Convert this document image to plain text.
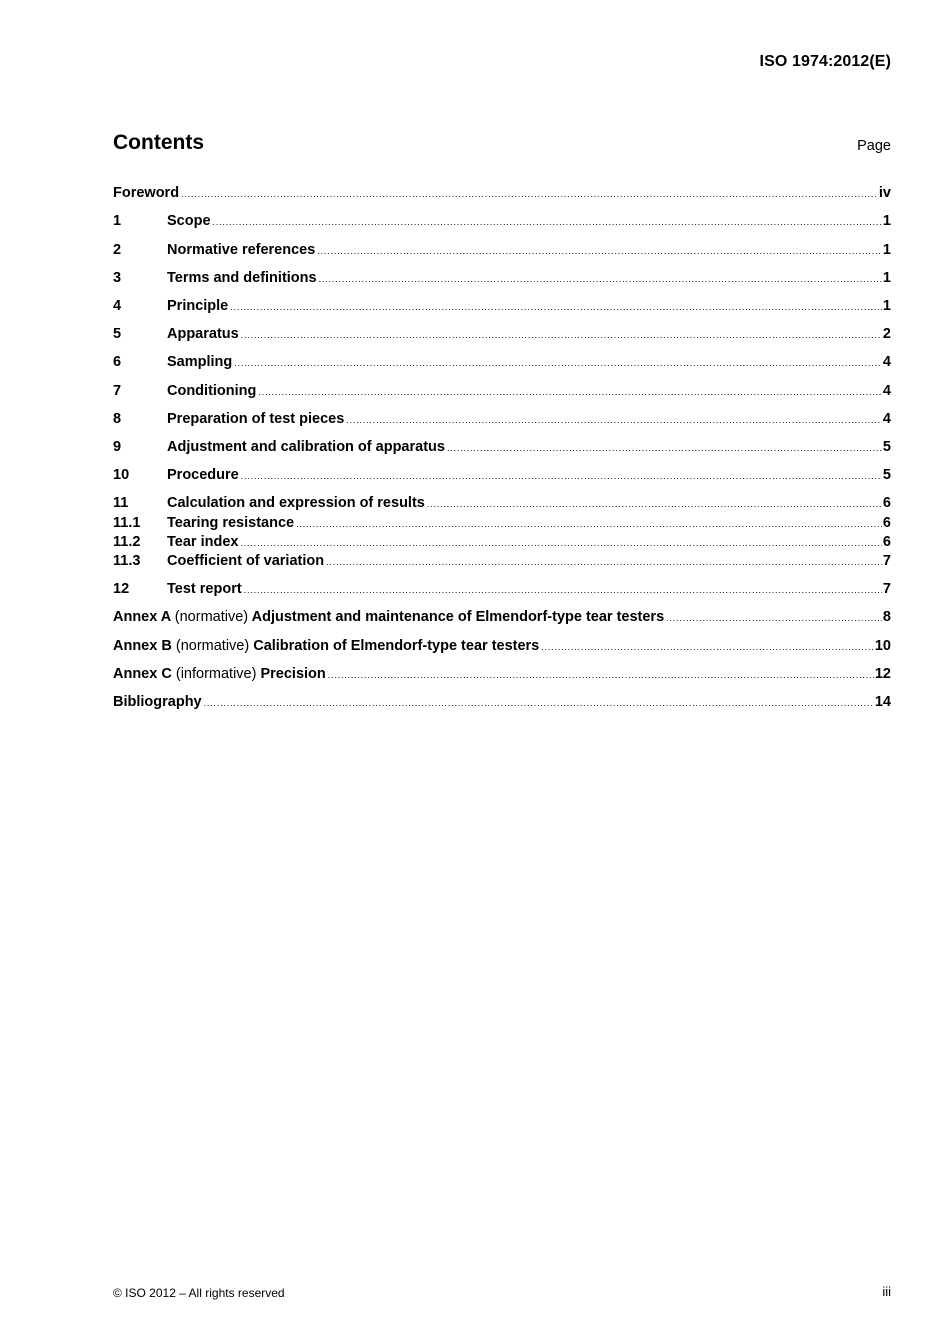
ISO 1974:2012(E)
Contents	Page
Foreword .....	iv
1	Scope .....	1
2	Normative references .....	1
3	Terms and definitions .....	1
4	Principle .....	1
5	Apparatus .....	2
6	Sampling .....	4
7	Conditioning .....	4
8	Preparation of test pieces .....	4
9	Adjustment and calibration of apparatus .....	5
10	Procedure .....	5
11	Calculation and expression of results .....	6
11.1	Tearing resistance .....	6
11.2	Tear index .....	6
11.3	Coefficient of variation .....	7
12	Test report .....	7
Annex A (normative) Adjustment and maintenance of Elmendorf-type tear testers .....	8
Annex B (normative) Calibration of Elmendorf-type tear testers .....	10
Annex C (informative) Precision .....	12
Bibliography .....	14
© ISO 2012 – All rights reserved	iii
